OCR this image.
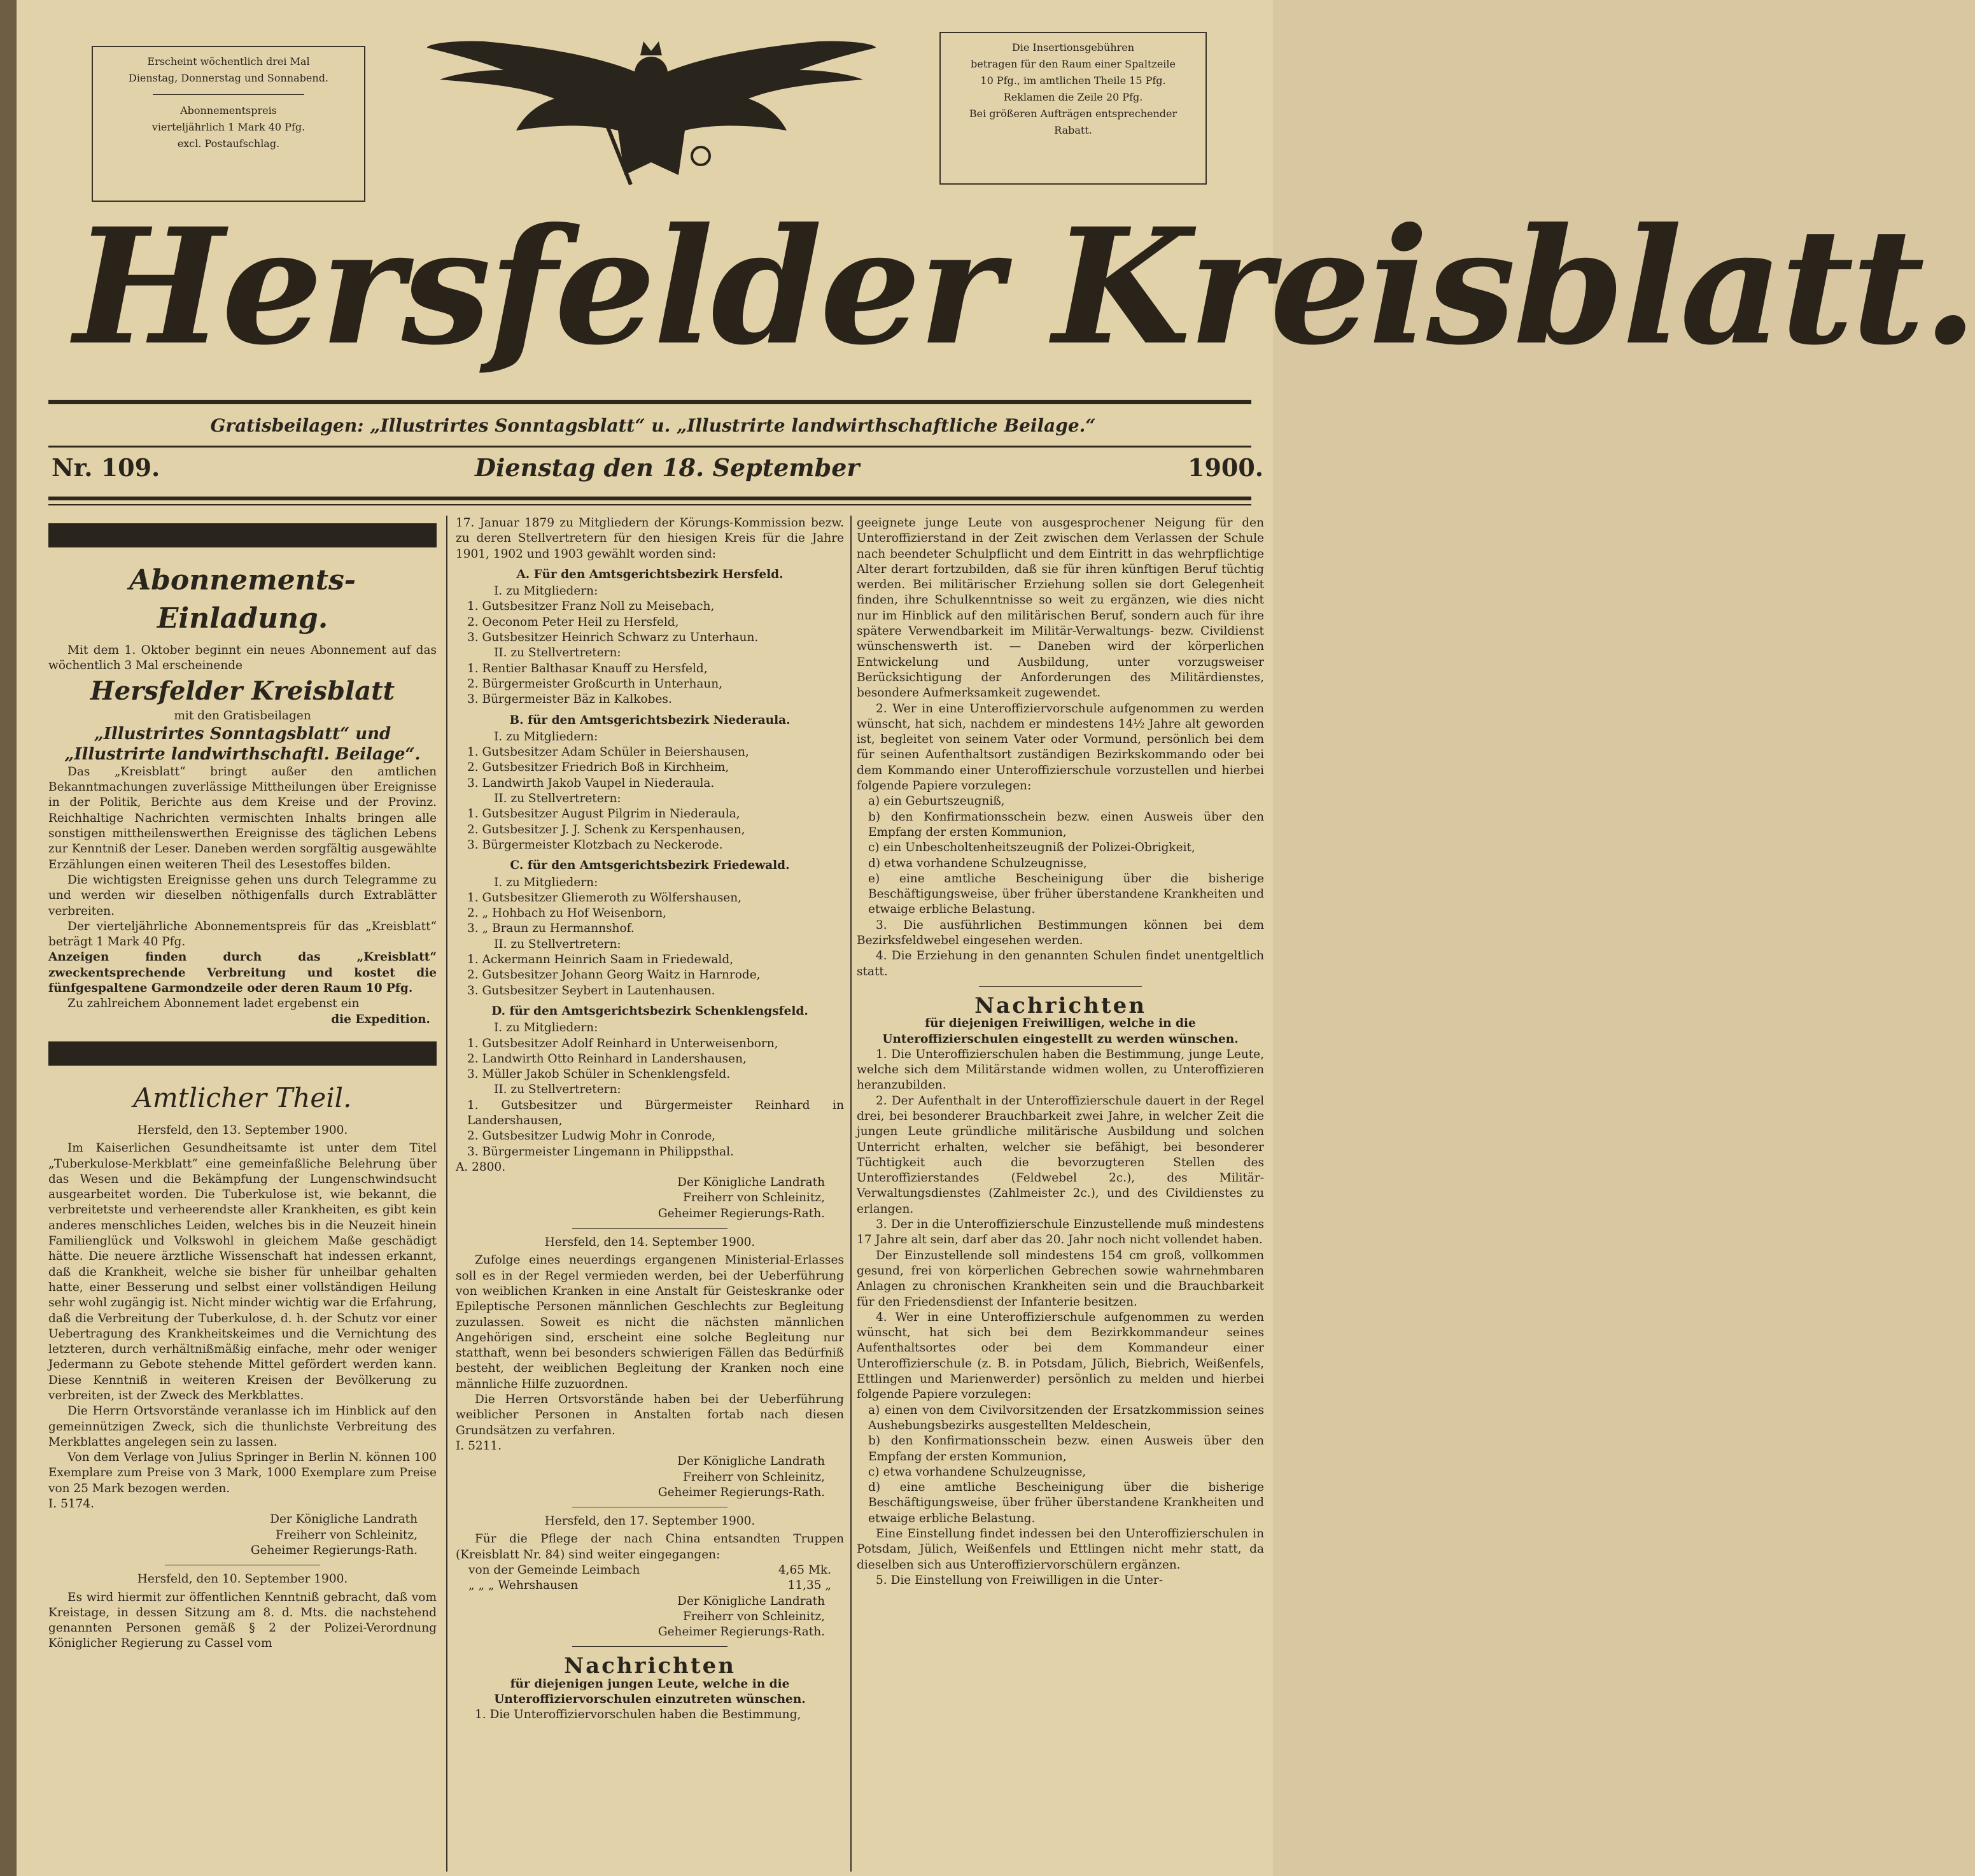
Erscheint wöchentlich drei Mal
Dienstag, Donnerstag und Sonnabend.
Abonnementspreis
vierteljährlich 1 Mark 40 Pfg.
excl. Postaufschlag.
Die Insertionsgebühren
betragen für den Raum einer Spaltzeile
10 Pfg., im amtlichen Theile 15 Pfg.
Reklamen die Zeile 20 Pfg.
Bei größeren Aufträgen entsprechender
Rabatt.
Hersfelder Kreisblatt.
Gratisbeilagen: „Illustrirtes Sonntagsblatt“ u. „Illustrirte landwirthschaftliche Beilage.“
Nr. 109.	Dienstag den 18. September	1900.
Abonnements-Einladung.

Mit dem 1. Oktober beginnt ein neues Abonnement auf das wöchentlich 3 Mal erscheinende

Hersfelder Kreisblatt
mit den Gratisbeilagen
„Illustrirtes Sonntagsblatt“ und
„Illustrirte landwirthschaftl. Beilage“.

Das „Kreisblatt“ bringt außer den amtlichen Bekanntmachungen zuverlässige Mittheilungen über Ereignisse in der Politik, Berichte aus dem Kreise und der Provinz. Reichhaltige Nachrichten vermischten Inhalts bringen alle sonstigen mittheilenswerthen Ereignisse des täglichen Lebens zur Kenntniß der Leser. Daneben werden sorgfältig ausgewählte Erzählungen einen weiteren Theil des Lesestoffes bilden.

Die wichtigsten Ereignisse gehen uns durch Telegramme zu und werden wir dieselben nöthigenfalls durch Extrablätter verbreiten.

Der vierteljährliche Abonnementspreis für das „Kreisblatt“ beträgt 1 Mark 40 Pfg.

Anzeigen finden durch das „Kreisblatt“ zweckentsprechende Verbreitung und kostet die fünfgespaltene Garmondzeile oder deren Raum 10 Pfg.

Zu zahlreichem Abonnement ladet ergebenst ein

die Expedition.
Amtlicher Theil.
Hersfeld, den 13. September 1900.

Im Kaiserlichen Gesundheitsamte ist unter dem Titel „Tuberkulose-Merkblatt“ eine gemeinfaßliche Belehrung über das Wesen und die Bekämpfung der Lungenschwindsucht ausgearbeitet worden. Die Tuberkulose ist, wie bekannt, die verbreitetste und verheerendste aller Krankheiten, es gibt kein anderes menschliches Leiden, welches bis in die Neuzeit hinein Familienglück und Volkswohl in gleichem Maße geschädigt hätte. Die neuere ärztliche Wissenschaft hat indessen erkannt, daß die Krankheit, welche sie bisher für unheilbar gehalten hatte, einer Besserung und selbst einer vollständigen Heilung sehr wohl zugängig ist. Nicht minder wichtig war die Erfahrung, daß die Verbreitung der Tuberkulose, d. h. der Schutz vor einer Uebertragung des Krankheitskeimes und die Vernichtung des letzteren, durch verhältnißmäßig einfache, mehr oder weniger Jedermann zu Gebote stehende Mittel gefördert werden kann. Diese Kenntniß in weiteren Kreisen der Bevölkerung zu verbreiten, ist der Zweck des Merkblattes.

Die Herrn Ortsvorstände veranlasse ich im Hinblick auf den gemeinnützigen Zweck, sich die thunlichste Verbreitung des Merkblattes angelegen sein zu lassen.

Von dem Verlage von Julius Springer in Berlin N. können 100 Exemplare zum Preise von 3 Mark, 1000 Exemplare zum Preise von 25 Mark bezogen werden.

I. 5174.
Der Königliche Landrath
Freiherr von Schleinitz,
Geheimer Regierungs-Rath.
Hersfeld, den 10. September 1900.

Es wird hiermit zur öffentlichen Kenntniß gebracht, daß vom Kreistage, in dessen Sitzung am 8. d. Mts. die nachstehend genannten Personen gemäß § 2 der Polizei-Verordnung Königlicher Regierung zu Cassel vom

17. Januar 1879 zu Mitgliedern der Körungs-Kommission bezw. zu deren Stellvertretern für den hiesigen Kreis für die Jahre 1901, 1902 und 1903 gewählt worden sind:

A. Für den Amtsgerichtsbezirk Hersfeld.
I. zu Mitgliedern:
1. Gutsbesitzer Franz Noll zu Meisebach,
2. Oeconom Peter Heil zu Hersfeld,
3. Gutsbesitzer Heinrich Schwarz zu Unterhaun.
II. zu Stellvertretern:
1. Rentier Balthasar Knauff zu Hersfeld,
2. Bürgermeister Großcurth in Unterhaun,
3. Bürgermeister Bäz in Kalkobes.
B. für den Amtsgerichtsbezirk Niederaula.
I. zu Mitgliedern:
1. Gutsbesitzer Adam Schüler in Beiershausen,
2. Gutsbesitzer Friedrich Boß in Kirchheim,
3. Landwirth Jakob Vaupel in Niederaula.
II. zu Stellvertretern:
1. Gutsbesitzer August Pilgrim in Niederaula,
2. Gutsbesitzer J. J. Schenk zu Kerspenhausen,
3. Bürgermeister Klotzbach zu Neckerode.
C. für den Amtsgerichtsbezirk Friedewald.
I. zu Mitgliedern:
1. Gutsbesitzer Gliemeroth zu Wölfershausen,
2. „ Hohbach zu Hof Weisenborn,
3. „ Braun zu Hermannshof.
II. zu Stellvertretern:
1. Ackermann Heinrich Saam in Friedewald,
2. Gutsbesitzer Johann Georg Waitz in Harnrode,
3. Gutsbesitzer Seybert in Lautenhausen.
D. für den Amtsgerichtsbezirk Schenklengsfeld.
I. zu Mitgliedern:
1. Gutsbesitzer Adolf Reinhard in Unterweisenborn,
2. Landwirth Otto Reinhard in Landershausen,
3. Müller Jakob Schüler in Schenklengsfeld.
II. zu Stellvertretern:
1. Gutsbesitzer und Bürgermeister Reinhard in Landershausen,
2. Gutsbesitzer Ludwig Mohr in Conrode,
3. Bürgermeister Lingemann in Philippsthal.
A. 2800.
Der Königliche Landrath
Freiherr von Schleinitz,
Geheimer Regierungs-Rath.
Hersfeld, den 14. September 1900.

Zufolge eines neuerdings ergangenen Ministerial-Erlasses soll es in der Regel vermieden werden, bei der Ueberführung von weiblichen Kranken in eine Anstalt für Geisteskranke oder Epileptische Personen männlichen Geschlechts zur Begleitung zuzulassen. Soweit es nicht die nächsten männlichen Angehörigen sind, erscheint eine solche Begleitung nur statthaft, wenn bei besonders schwierigen Fällen das Bedürfniß besteht, der weiblichen Begleitung der Kranken noch eine männliche Hilfe zuzuordnen.

Die Herren Ortsvorstände haben bei der Ueberführung weiblicher Personen in Anstalten fortab nach diesen Grundsätzen zu verfahren.

I. 5211.
Der Königliche Landrath
Freiherr von Schleinitz,
Geheimer Regierungs-Rath.
Hersfeld, den 17. September 1900.

Für die Pflege der nach China entsandten Truppen (Kreisblatt Nr. 84) sind weiter eingegangen:

von der Gemeinde Leimbach	4,65 Mk.
„ „ „ Wehrshausen	11,35 „
Der Königliche Landrath
Freiherr von Schleinitz,
Geheimer Regierungs-Rath.
Nachrichten
für diejenigen jungen Leute, welche in die Unteroffiziervorschulen einzutreten wünschen.

1. Die Unteroffiziervorschulen haben die Bestimmung,

geeignete junge Leute von ausgesprochener Neigung für den Unteroffizierstand in der Zeit zwischen dem Verlassen der Schule nach beendeter Schulpflicht und dem Eintritt in das wehrpflichtige Alter derart fortzubilden, daß sie für ihren künftigen Beruf tüchtig werden. Bei militärischer Erziehung sollen sie dort Gelegenheit finden, ihre Schulkenntnisse so weit zu ergänzen, wie dies nicht nur im Hinblick auf den militärischen Beruf, sondern auch für ihre spätere Verwendbarkeit im Militär-Verwaltungs- bezw. Civildienst wünschenswerth ist. — Daneben wird der körperlichen Entwickelung und Ausbildung, unter vorzugsweiser Berücksichtigung der Anforderungen des Militärdienstes, besondere Aufmerksamkeit zugewendet.

2. Wer in eine Unteroffiziervorschule aufgenommen zu werden wünscht, hat sich, nachdem er mindestens 14½ Jahre alt geworden ist, begleitet von seinem Vater oder Vormund, persönlich bei dem für seinen Aufenthaltsort zuständigen Bezirkskommando oder bei dem Kommando einer Unteroffizierschule vorzustellen und hierbei folgende Papiere vorzulegen:

a) ein Geburtszeugniß,
b) den Konfirmationsschein bezw. einen Ausweis über den Empfang der ersten Kommunion,
c) ein Unbescholtenheitszeugniß der Polizei-Obrigkeit,
d) etwa vorhandene Schulzeugnisse,
e) eine amtliche Bescheinigung über die bisherige Beschäftigungsweise, über früher überstandene Krankheiten und etwaige erbliche Belastung.

3. Die ausführlichen Bestimmungen können bei dem Bezirksfeldwebel eingesehen werden.

4. Die Erziehung in den genannten Schulen findet unentgeltlich statt.

Nachrichten
für diejenigen Freiwilligen, welche in die Unteroffizierschulen eingestellt zu werden wünschen.

1. Die Unteroffizierschulen haben die Bestimmung, junge Leute, welche sich dem Militärstande widmen wollen, zu Unteroffizieren heranzubilden.

2. Der Aufenthalt in der Unteroffizierschule dauert in der Regel drei, bei besonderer Brauchbarkeit zwei Jahre, in welcher Zeit die jungen Leute gründliche militärische Ausbildung und solchen Unterricht erhalten, welcher sie befähigt, bei besonderer Tüchtigkeit auch die bevorzugteren Stellen des Unteroffizierstandes (Feldwebel 2c.), des Militär-Verwaltungsdienstes (Zahlmeister 2c.), und des Civildienstes zu erlangen.

3. Der in die Unteroffizierschule Einzustellende muß mindestens 17 Jahre alt sein, darf aber das 20. Jahr noch nicht vollendet haben.

Der Einzustellende soll mindestens 154 cm groß, vollkommen gesund, frei von körperlichen Gebrechen sowie wahrnehmbaren Anlagen zu chronischen Krankheiten sein und die Brauchbarkeit für den Friedensdienst der Infanterie besitzen.

4. Wer in eine Unteroffizierschule aufgenommen zu werden wünscht, hat sich bei dem Bezirkkommandeur seines Aufenthaltsortes oder bei dem Kommandeur einer Unteroffizierschule (z. B. in Potsdam, Jülich, Biebrich, Weißenfels, Ettlingen und Marienwerder) persönlich zu melden und hierbei folgende Papiere vorzulegen:

a) einen von dem Civilvorsitzenden der Ersatzkommission seines Aushebungsbezirks ausgestellten Meldeschein,
b) den Konfirmationsschein bezw. einen Ausweis über den Empfang der ersten Kommunion,
c) etwa vorhandene Schulzeugnisse,
d) eine amtliche Bescheinigung über die bisherige Beschäftigungsweise, über früher überstandene Krankheiten und etwaige erbliche Belastung.

Eine Einstellung findet indessen bei den Unteroffizierschulen in Potsdam, Jülich, Weißenfels und Ettlingen nicht mehr statt, da dieselben sich aus Unteroffiziervorschülern ergänzen.

5. Die Einstellung von Freiwilligen in die Unter-
